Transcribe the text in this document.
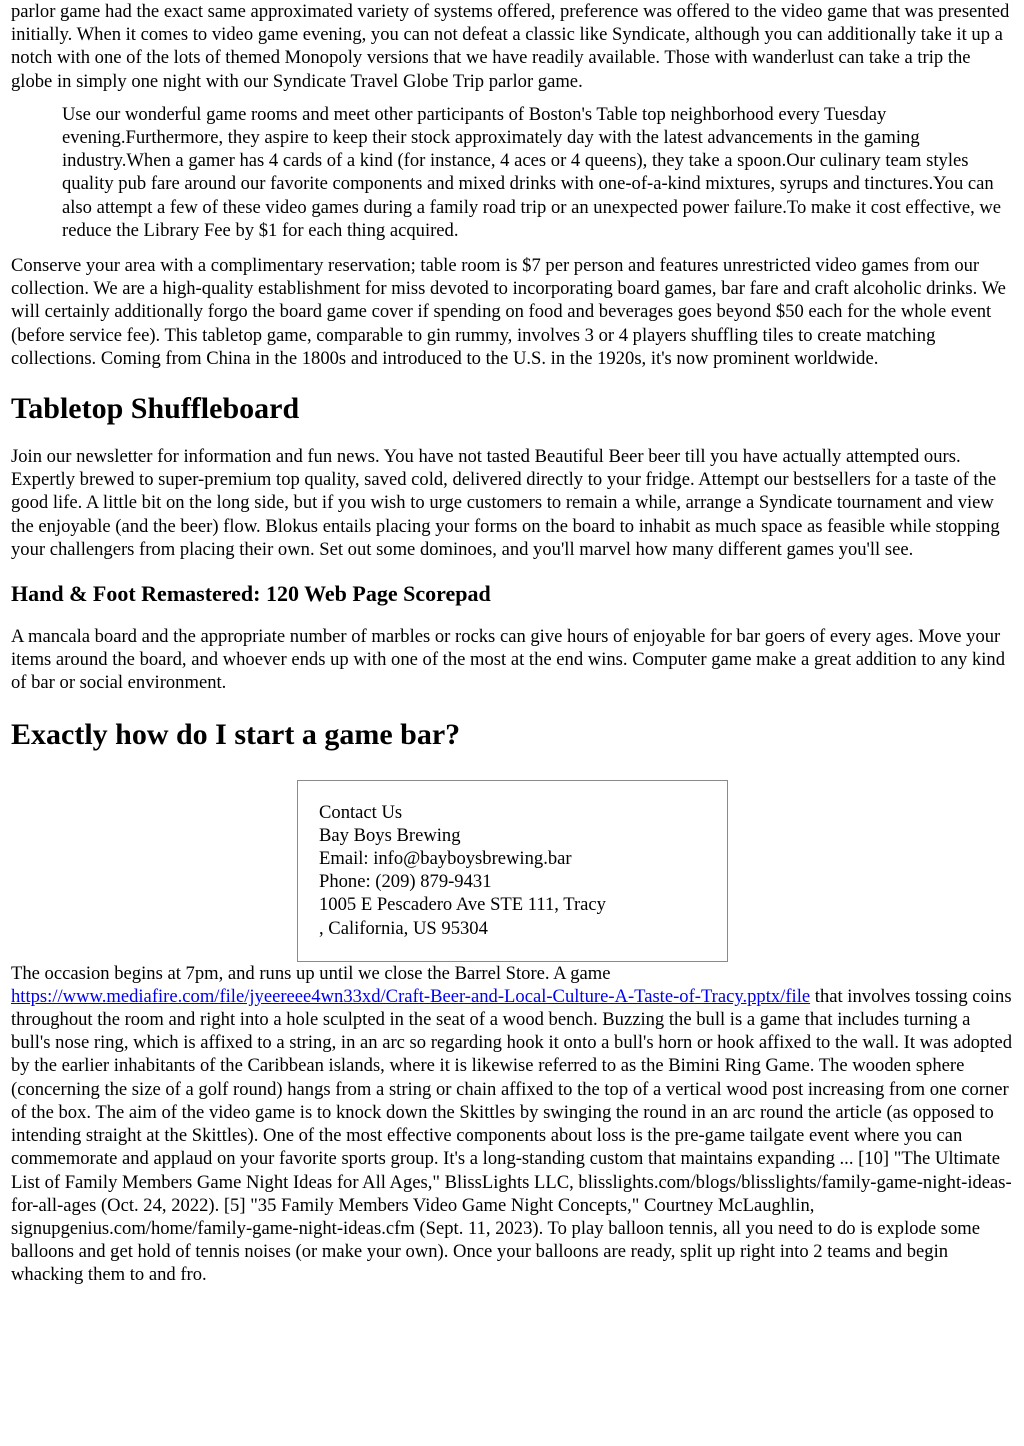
parlor game had the exact same approximated variety of systems offered, preference was offered to the video game that was presented initially. When it comes to video game evening, you can not defeat a classic like Syndicate, although you can additionally take it up a notch with one of the lots of themed Monopoly versions that we have readily available. Those with wanderlust can take a trip the globe in simply one night with our Syndicate Travel Globe Trip parlor game.

Use our wonderful game rooms and meet other participants of Boston's Table top neighborhood every Tuesday evening.Furthermore, they aspire to keep their stock approximately day with the latest advancements in the gaming industry.When a gamer has 4 cards of a kind (for instance, 4 aces or 4 queens), they take a spoon.Our culinary team styles quality pub fare around our favorite components and mixed drinks with one-of-a-kind mixtures, syrups and tinctures.You can also attempt a few of these video games during a family road trip or an unexpected power failure.To make it cost effective, we reduce the Library Fee by $1 for each thing acquired.

Conserve your area with a complimentary reservation; table room is $7 per person and features unrestricted video games from our collection. We are a high-quality establishment for miss devoted to incorporating board games, bar fare and craft alcoholic drinks. We will certainly additionally forgo the board game cover if spending on food and beverages goes beyond $50 each for the whole event (before service fee). This tabletop game, comparable to gin rummy, involves 3 or 4 players shuffling tiles to create matching collections. Coming from China in the 1800s and introduced to the U.S. in the 1920s, it's now prominent worldwide.

Tabletop Shuffleboard

Join our newsletter for information and fun news. You have not tasted Beautiful Beer beer till you have actually attempted ours. Expertly brewed to super-premium top quality, saved cold, delivered directly to your fridge. Attempt our bestsellers for a taste of the good life. A little bit on the long side, but if you wish to urge customers to remain a while, arrange a Syndicate tournament and view the enjoyable (and the beer) flow. Blokus entails placing your forms on the board to inhabit as much space as feasible while stopping your challengers from placing their own. Set out some dominoes, and you'll marvel how many different games you'll see.

Hand & Foot Remastered: 120 Web Page Scorepad

A mancala board and the appropriate number of marbles or rocks can give hours of enjoyable for bar goers of every ages. Move your items around the board, and whoever ends up with one of the most at the end wins. Computer game make a great addition to any kind of bar or social environment.

Exactly how do I start a game bar?
Contact Us
Bay Boys Brewing
Email: info@bayboysbrewing.bar
Phone: (209) 879-9431
1005 E Pescadero Ave STE 111, Tracy
, California, US 95304

The occasion begins at 7pm, and runs up until we close the Barrel Store. A game https://www.mediafire.com/file/jyeereee4wn33xd/Craft-Beer-and-Local-Culture-A-Taste-of-Tracy.pptx/file that involves tossing coins throughout the room and right into a hole sculpted in the seat of a wood bench. Buzzing the bull is a game that includes turning a bull's nose ring, which is affixed to a string, in an arc so regarding hook it onto a bull's horn or hook affixed to the wall. It was adopted by the earlier inhabitants of the Caribbean islands, where it is likewise referred to as the Bimini Ring Game. The wooden sphere (concerning the size of a golf round) hangs from a string or chain affixed to the top of a vertical wood post increasing from one corner of the box. The aim of the video game is to knock down the Skittles by swinging the round in an arc round the article (as opposed to intending straight at the Skittles). One of the most effective components about loss is the pre-game tailgate event where you can commemorate and applaud on your favorite sports group. It's a long-standing custom that maintains expanding ... [10] "The Ultimate List of Family Members Game Night Ideas for All Ages," BlissLights LLC, blisslights.com/blogs/blisslights/family-game-night-ideas-for-all-ages (Oct. 24, 2022). [5] "35 Family Members Video Game Night Concepts," Courtney McLaughlin, signupgenius.com/home/family-game-night-ideas.cfm (Sept. 11, 2023). To play balloon tennis, all you need to do is explode some balloons and get hold of tennis noises (or make your own). Once your balloons are ready, split up right into 2 teams and begin whacking them to and fro.
